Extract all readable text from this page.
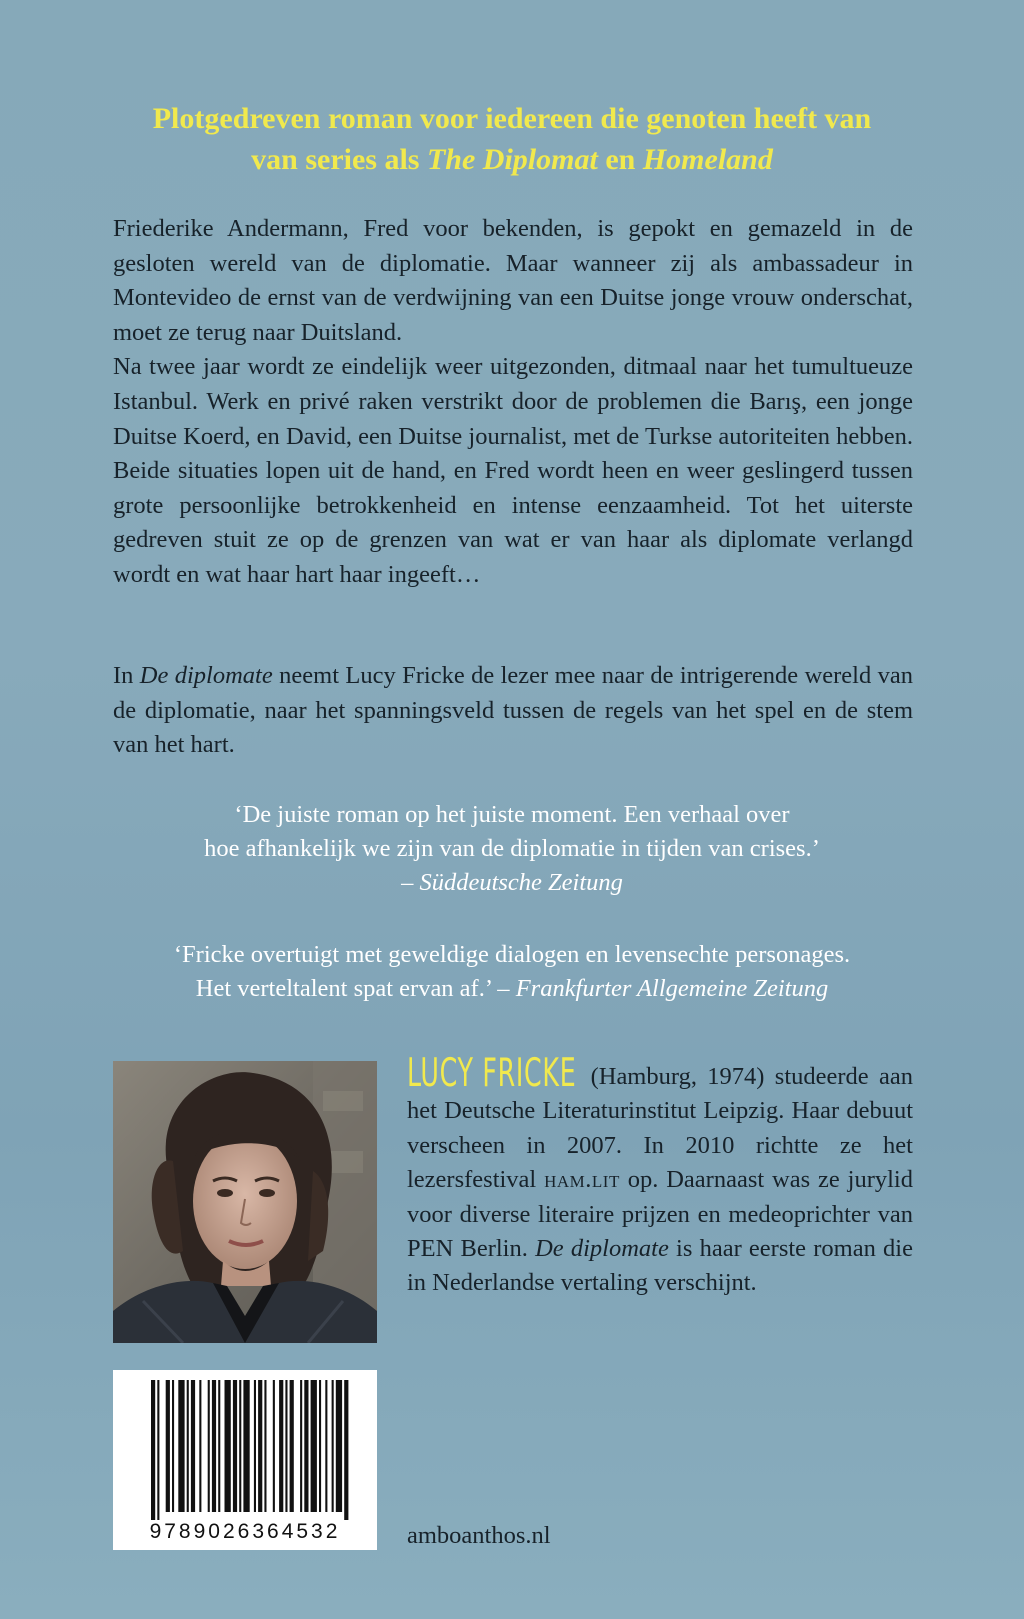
Plotgedreven roman voor iedereen die genoten heeft van
van series als The Diplomat en Homeland

Friederike Andermann, Fred voor bekenden, is gepokt en gemazeld in de gesloten wereld van de diplomatie. Maar wanneer zij als ambassadeur in Montevideo de ernst van de verdwijning van een Duitse jonge vrouw onderschat, moet ze terug naar Duitsland.

Na twee jaar wordt ze eindelijk weer uitgezonden, ditmaal naar het tumultueuze Istanbul. Werk en privé raken verstrikt door de problemen die Barış, een jonge Duitse Koerd, en David, een Duitse journalist, met de Turkse autoriteiten hebben. Beide situaties lopen uit de hand, en Fred wordt heen en weer geslingerd tussen grote persoonlijke betrokkenheid en intense eenzaamheid. Tot het uiterste gedreven stuit ze op de grenzen van wat er van haar als diplomate verlangd wordt en wat haar hart haar ingeeft…

In De diplomate neemt Lucy Fricke de lezer mee naar de intrigerende wereld van de diplomatie, naar het spanningsveld tussen de regels van het spel en de stem van het hart.

‘De juiste roman op het juiste moment. Een verhaal over
hoe afhankelijk we zijn van de diplomatie in tijden van crises.’
– Süddeutsche Zeitung
‘Fricke overtuigt met geweldige dialogen en levensechte personages.
Het verteltalent spat ervan af.’ – Frankfurter Allgemeine Zeitung
LUCY FRICKE (Hamburg, 1974) studeerde aan het Deutsche Literaturinstitut Leipzig. Haar debuut verscheen in 2007. In 2010 richtte ze het lezersfestival ham.lit op. Daarnaast was ze jurylid voor diverse literaire prijzen en medeoprichter van PEN Berlin. De diplomate is haar eerste roman die in Nederlandse vertaling verschijnt.
9789026364532	amboanthos.nl
